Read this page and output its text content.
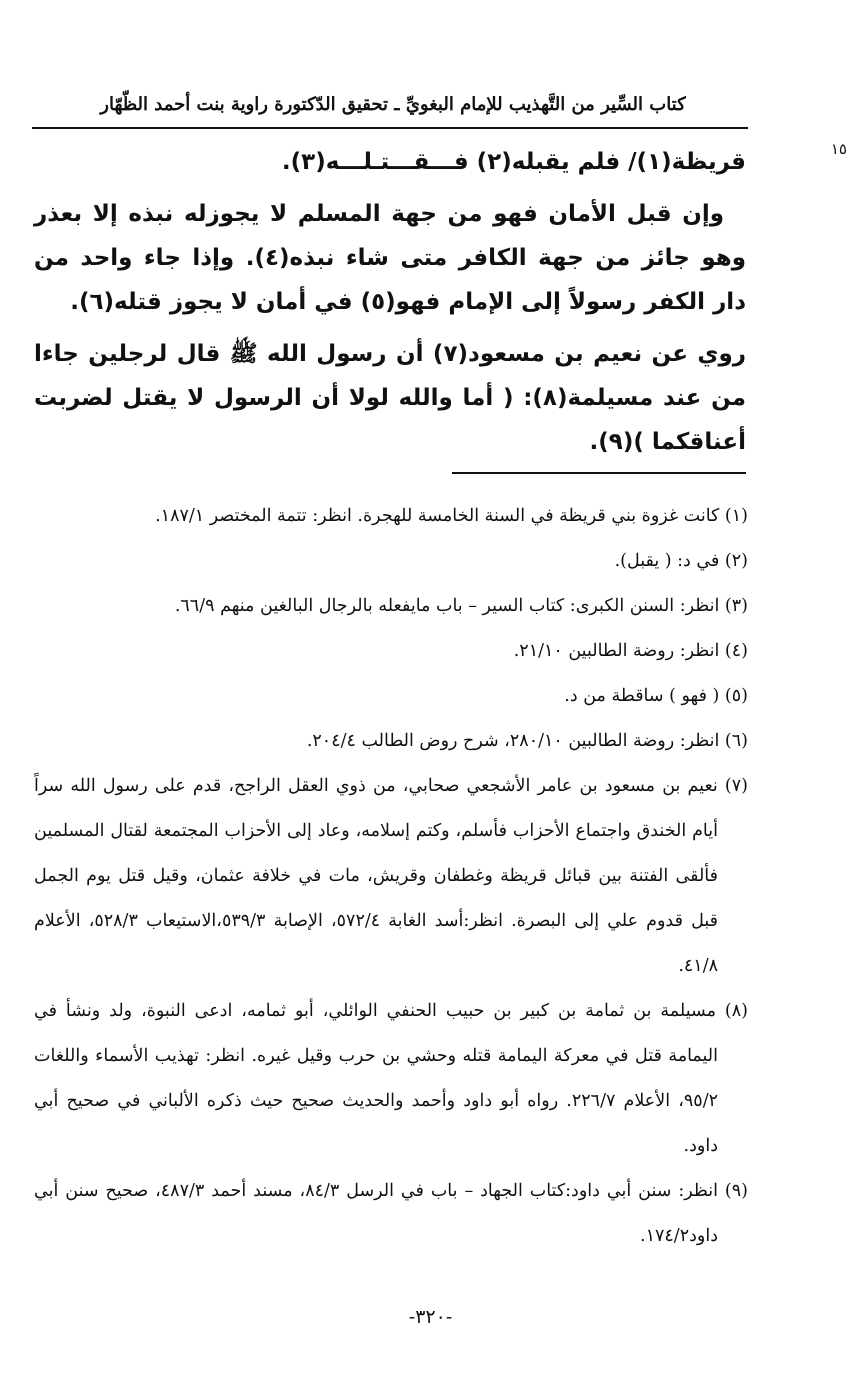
كتاب السِّير من التَّهذيب للإمام البغويِّ ـ تحقيق الدّكتورة راوية بنت أحمد الظّهّار
١٥

قريظة(١)/ فلم يقبله(٢) فـــقـــتـلـــه(٣).

وإن قبل الأمان فهو من جهة المسلم لا يجوزله نبذه إلا بعذر وهو جائز من جهة الكافر متى شاء نبذه(٤). وإذا جاء واحد من دار الكفر رسولاً إلى الإمام فهو(٥) في أمان لا يجوز قتله(٦).

روي عن نعيم بن مسعود(٧) أن رسول الله ﷺ قال لرجلين جاءا من عند مسيلمة(٨): ( أما والله لولا أن الرسول لا يقتل لضربت أعناقكما )(٩).

(١) كانت غزوة بني قريظة في السنة الخامسة للهجرة. انظر: تتمة المختصر ١٨٧/١.

(٢) في د: ( يقبل).

(٣) انظر: السنن الكبرى: كتاب السير – باب مايفعله بالرجال البالغين منهم ٦٦/٩.

(٤) انظر: روضة الطالبين ٢١/١٠.

(٥) ( فهو ) ساقطة من د.

(٦) انظر: روضة الطالبين ٢٨٠/١٠، شرح روض الطالب ٢٠٤/٤.

(٧) نعيم بن مسعود بن عامر الأشجعي صحابي، من ذوي العقل الراجح، قدم على رسول الله سراً أيام الخندق واجتماع الأحزاب فأسلم، وكتم إسلامه، وعاد إلى الأحزاب المجتمعة لقتال المسلمين فألقى الفتنة بين قبائل قريظة وغطفان وقريش، مات في خلافة عثمان، وقيل قتل يوم الجمل قبل قدوم علي إلى البصرة. انظر:أسد الغابة ٥٧٢/٤، الإصابة ٥٣٩/٣،الاستيعاب ٥٢٨/٣، الأعلام ٤١/٨.

(٨) مسيلمة بن ثمامة بن كبير بن حبيب الحنفي الوائلي، أبو ثمامه، ادعى النبوة، ولد ونشأ في اليمامة قتل في معركة اليمامة قتله وحشي بن حرب وقيل غيره. انظر: تهذيب الأسماء واللغات ٩٥/٢، الأعلام ٢٢٦/٧. رواه أبو داود وأحمد والحديث صحيح حيث ذكره الألباني في صحيح أبي داود.

(٩) انظر: سنن أبي داود:كتاب الجهاد – باب في الرسل ٨٤/٣، مسند أحمد ٤٨٧/٣، صحيح سنن أبي داود١٧٤/٢.

-٣٢٠-
